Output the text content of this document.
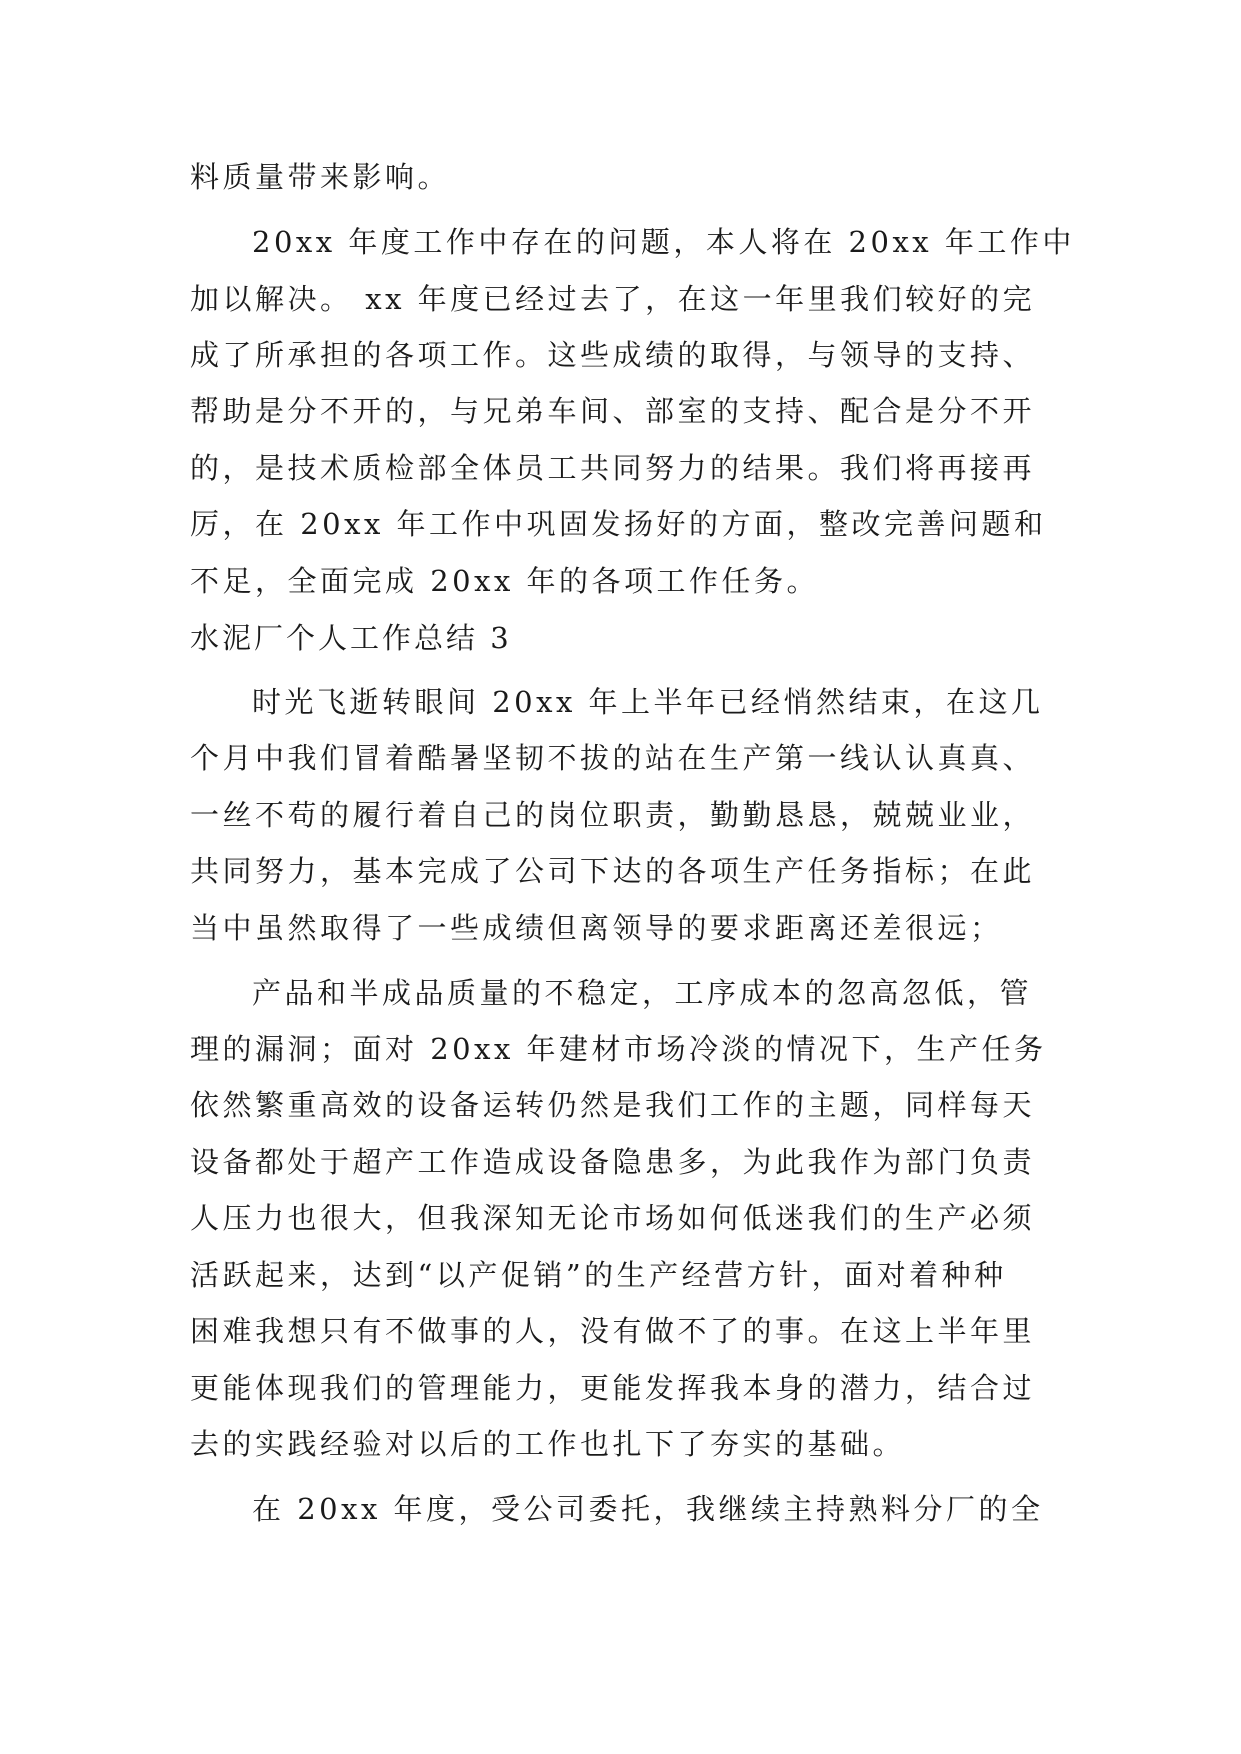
料质量带来影响。
20xx 年度工作中存在的问题，本人将在 20xx 年工作中
加以解决。 xx 年度已经过去了，在这一年里我们较好的完
成了所承担的各项工作。这些成绩的取得，与领导的支持、
帮助是分不开的，与兄弟车间、部室的支持、配合是分不开
的，是技术质检部全体员工共同努力的结果。我们将再接再
厉，在 20xx 年工作中巩固发扬好的方面，整改完善问题和
不足，全面完成 20xx 年的各项工作任务。
水泥厂个人工作总结 3
时光飞逝转眼间 20xx 年上半年已经悄然结束，在这几
个月中我们冒着酷暑坚韧不拔的站在生产第一线认认真真、
一丝不苟的履行着自己的岗位职责，勤勤恳恳，兢兢业业，
共同努力，基本完成了公司下达的各项生产任务指标；在此
当中虽然取得了一些成绩但离领导的要求距离还差很远；
产品和半成品质量的不稳定，工序成本的忽高忽低，管
理的漏洞；面对 20xx 年建材市场冷淡的情况下，生产任务
依然繁重高效的设备运转仍然是我们工作的主题，同样每天
设备都处于超产工作造成设备隐患多，为此我作为部门负责
人压力也很大，但我深知无论市场如何低迷我们的生产必须
活跃起来，达到“以产促销”的生产经营方针，面对着种种
困难我想只有不做事的人，没有做不了的事。在这上半年里
更能体现我们的管理能力，更能发挥我本身的潜力，结合过
去的实践经验对以后的工作也扎下了夯实的基础。
在 20xx 年度，受公司委托，我继续主持熟料分厂的全
